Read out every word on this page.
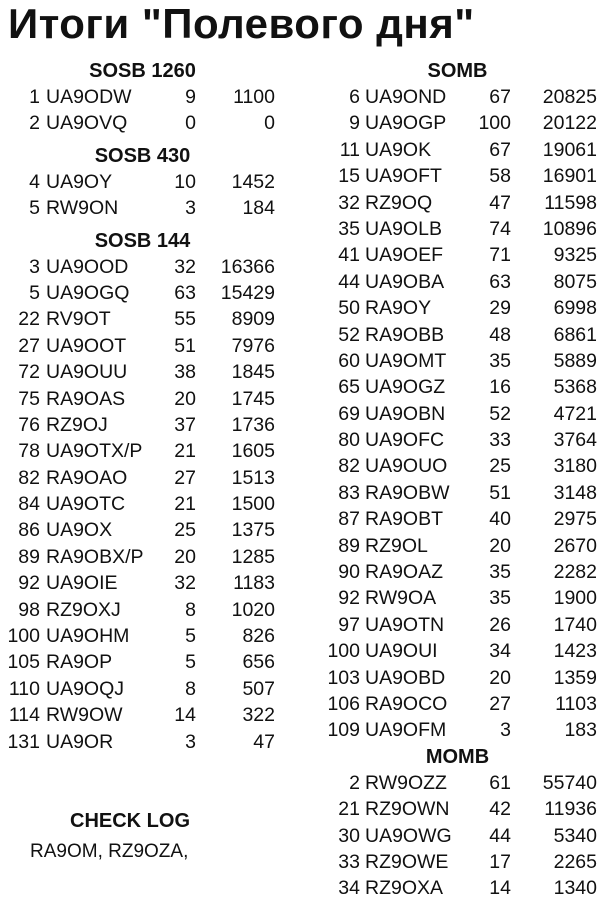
Итоги "Полевого дня"
SOSB 1260
1 UA9ODW	9	1100
2 UA9OVQ	0	0
SOSB 430
4 UA9OY	10	1452
5 RW9ON	3	184
SOSB 144
3 UA9OOD	32	16366
5 UA9OGQ	63	15429
22 RV9OT	55	8909
27 UA9OOT	51	7976
72 UA9OUU	38	1845
75 RA9OAS	20	1745
76 RZ9OJ	37	1736
78 UA9OTX/P	21	1605
82 RA9OAO	27	1513
84 UA9OTC	21	1500
86 UA9OX	25	1375
89 RA9OBX/P	20	1285
92 UA9OIE	32	1183
98 RZ9OXJ	8	1020
100 UA9OHM	5	826
105 RA9OP	5	656
110 UA9OQJ	8	507
114 RW9OW	14	322
131 UA9OR	3	47
SOMB
6 UA9OND	67	20825
9 UA9OGP 100	20122
11 UA9OK	67	19061
15 UA9OFT	58	16901
32 RZ9OQ	47	11598
35 UA9OLB	74	10896
41 UA9OEF	71	9325
44 UA9OBA	63	8075
50 RA9OY	29	6998
52 RA9OBB	48	6861
60 UA9OMT	35	5889
65 UA9OGZ	16	5368
69 UA9OBN	52	4721
80 UA9OFC	33	3764
82 UA9OUO	25	3180
83 RA9OBW	51	3148
87 RA9OBT	40	2975
89 RZ9OL	20	2670
90 RA9OAZ	35	2282
92 RW9OA	35	1900
97 UA9OTN	26	1740
100 UA9OUI	34	1423
103 UA9OBD	20	1359
106 RA9OCO	27	1103
109 UA9OFM	3	183
MOMB
2 RW9OZZ	61	55740
21 RZ9OWN	42	11936
30 UA9OWG	44	5340
33 RZ9OWE	17	2265
34 RZ9OXA	14	1340
CHECK LOG
RA9OM, RZ9OZA,
